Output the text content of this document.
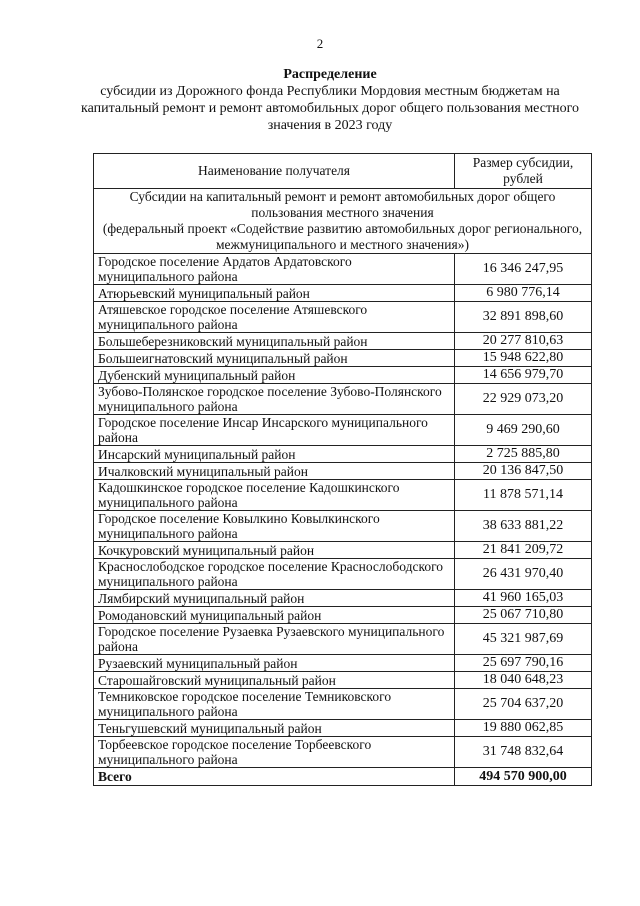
2
Распределение
субсидии из Дорожного фонда Республики Мордовия местным бюджетам на капитальный ремонт и ремонт автомобильных дорог общего пользования местного значения в 2023 году
Наименование получателя	Размер субсидии, рублей
Субсидии на капитальный ремонт и ремонт автомобильных дорог общего пользования местного значения
(федеральный проект «Содействие развитию автомобильных дорог регионального, межмуниципального и местного значения»)	
Городское поселение Ардатов Ардатовского муниципального района	16 346 247,95
Атюрьевский муниципальный район	6 980 776,14
Атяшевское городское поселение Атяшевского муниципального района	32 891 898,60
Большеберезниковский муниципальный район	20 277 810,63
Большеигнатовский муниципальный район	15 948 622,80
Дубенский муниципальный район	14 656 979,70
Зубово-Полянское городское поселение Зубово-Полянского муниципального района	22 929 073,20
Городское поселение Инсар Инсарского муниципального района	9 469 290,60
Инсарский муниципальный район	2 725 885,80
Ичалковский муниципальный район	20 136 847,50
Кадошкинское городское поселение Кадошкинского муниципального района	11 878 571,14
Городское поселение Ковылкино Ковылкинского муниципального района	38 633 881,22
Кочкуровский муниципальный район	21 841 209,72
Краснослободское городское поселение Краснослободского муниципального района	26 431 970,40
Лямбирский муниципальный район	41 960 165,03
Ромодановский муниципальный район	25 067 710,80
Городское поселение Рузаевка Рузаевского муниципального района	45 321 987,69
Рузаевский муниципальный район	25 697 790,16
Старошайговский муниципальный район	18 040 648,23
Темниковское городское поселение Темниковского муниципального района	25 704 637,20
Теньгушевский муниципальный район	19 880 062,85
Торбеевское городское поселение Торбеевского муниципального района	31 748 832,64
Всего	494 570 900,00
